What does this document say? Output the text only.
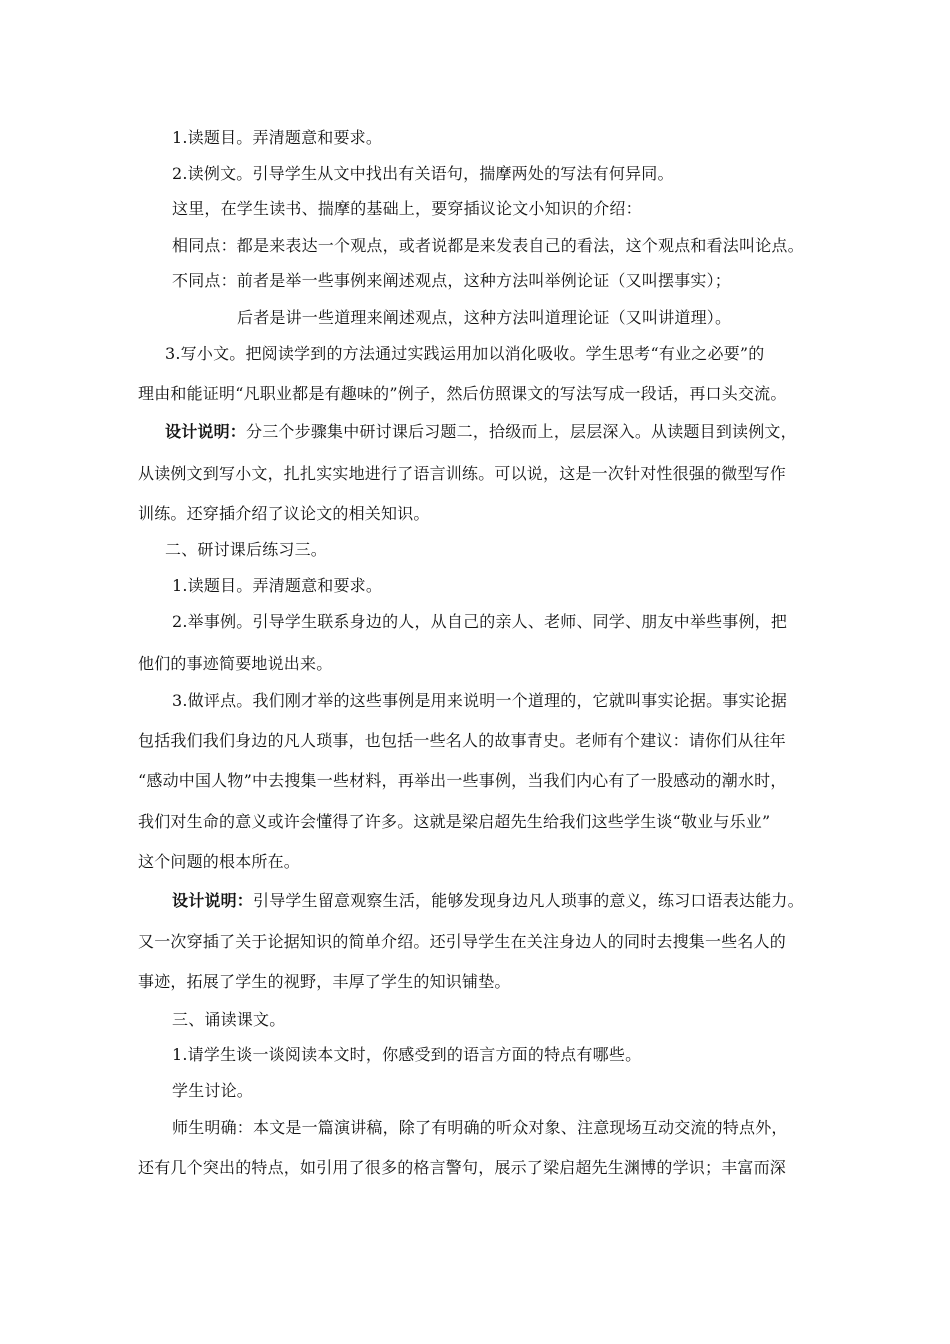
1.读题目。弄清题意和要求。
2.读例文。引导学生从文中找出有关语句，揣摩两处的写法有何异同。
这里，在学生读书、揣摩的基础上，要穿插议论文小知识的介绍：
相同点：都是来表达一个观点，或者说都是来发表自己的看法，这个观点和看法叫论点。
不同点：前者是举一些事例来阐述观点，这种方法叫举例论证（又叫摆事实）；
后者是讲一些道理来阐述观点，这种方法叫道理论证（又叫讲道理）。
3.写小文。把阅读学到的方法通过实践运用加以消化吸收。学生思考“有业之必要”的
理由和能证明“凡职业都是有趣味的”例子，然后仿照课文的写法写成一段话，再口头交流。
设计说明：分三个步骤集中研讨课后习题二，拾级而上，层层深入。从读题目到读例文，
从读例文到写小文，扎扎实实地进行了语言训练。可以说，这是一次针对性很强的微型写作
训练。还穿插介绍了议论文的相关知识。
二、研讨课后练习三。
1.读题目。弄清题意和要求。
2.举事例。引导学生联系身边的人，从自己的亲人、老师、同学、朋友中举些事例，把
他们的事迹简要地说出来。
3.做评点。我们刚才举的这些事例是用来说明一个道理的，它就叫事实论据。事实论据
包括我们我们身边的凡人琐事，也包括一些名人的故事青史。老师有个建议：请你们从往年
“感动中国人物”中去搜集一些材料，再举出一些事例，当我们内心有了一股感动的潮水时，
我们对生命的意义或许会懂得了许多。这就是梁启超先生给我们这些学生谈“敬业与乐业”
这个问题的根本所在。
设计说明：引导学生留意观察生活，能够发现身边凡人琐事的意义，练习口语表达能力。
又一次穿插了关于论据知识的简单介绍。还引导学生在关注身边人的同时去搜集一些名人的
事迹，拓展了学生的视野，丰厚了学生的知识铺垫。
三、诵读课文。
1.请学生谈一谈阅读本文时，你感受到的语言方面的特点有哪些。
学生讨论。
师生明确：本文是一篇演讲稿，除了有明确的听众对象、注意现场互动交流的特点外，
还有几个突出的特点，如引用了很多的格言警句，展示了梁启超先生渊博的学识；丰富而深
